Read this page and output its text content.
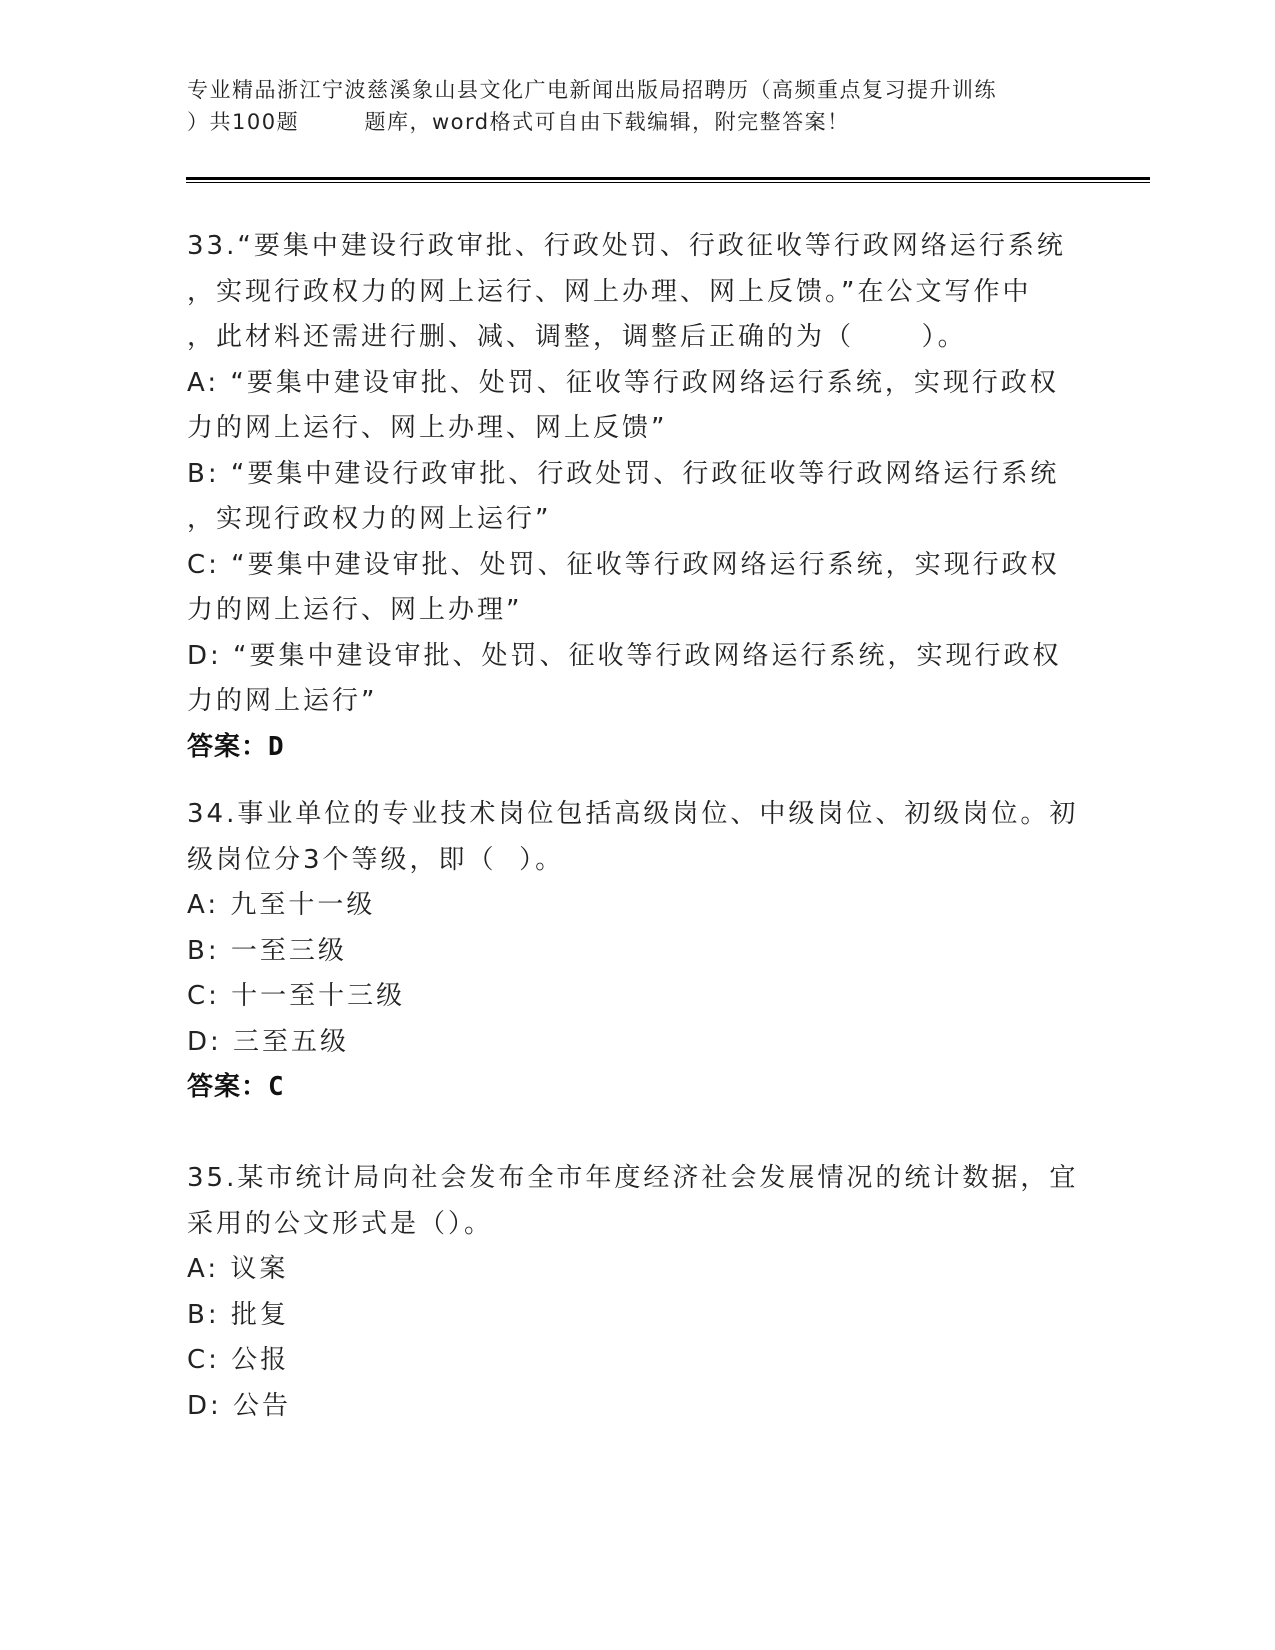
专业精品浙江宁波慈溪象山县文化广电新闻出版局招聘历（高频重点复习提升训练
）共100题        题库，word格式可自由下载编辑，附完整答案！
33.“要集中建设行政审批、行政处罚、行政征收等行政网络运行系统
，实现行政权力的网上运行、网上办理、网上反馈。”在公文写作中
，此材料还需进行删、减、调整，调整后正确的为（      ）。
A: “要集中建设审批、处罚、征收等行政网络运行系统，实现行政权
力的网上运行、网上办理、网上反馈”
B: “要集中建设行政审批、行政处罚、行政征收等行政网络运行系统
，实现行政权力的网上运行”
C: “要集中建设审批、处罚、征收等行政网络运行系统，实现行政权
力的网上运行、网上办理”
D: “要集中建设审批、处罚、征收等行政网络运行系统，实现行政权
力的网上运行”
答案：D
34.事业单位的专业技术岗位包括高级岗位、中级岗位、初级岗位。初
级岗位分3个等级，即（  ）。
A: 九至十一级
B: 一至三级
C: 十一至十三级
D: 三至五级
答案：C
35.某市统计局向社会发布全市年度经济社会发展情况的统计数据，宜
采用的公文形式是（）。
A: 议案
B: 批复
C: 公报
D: 公告
